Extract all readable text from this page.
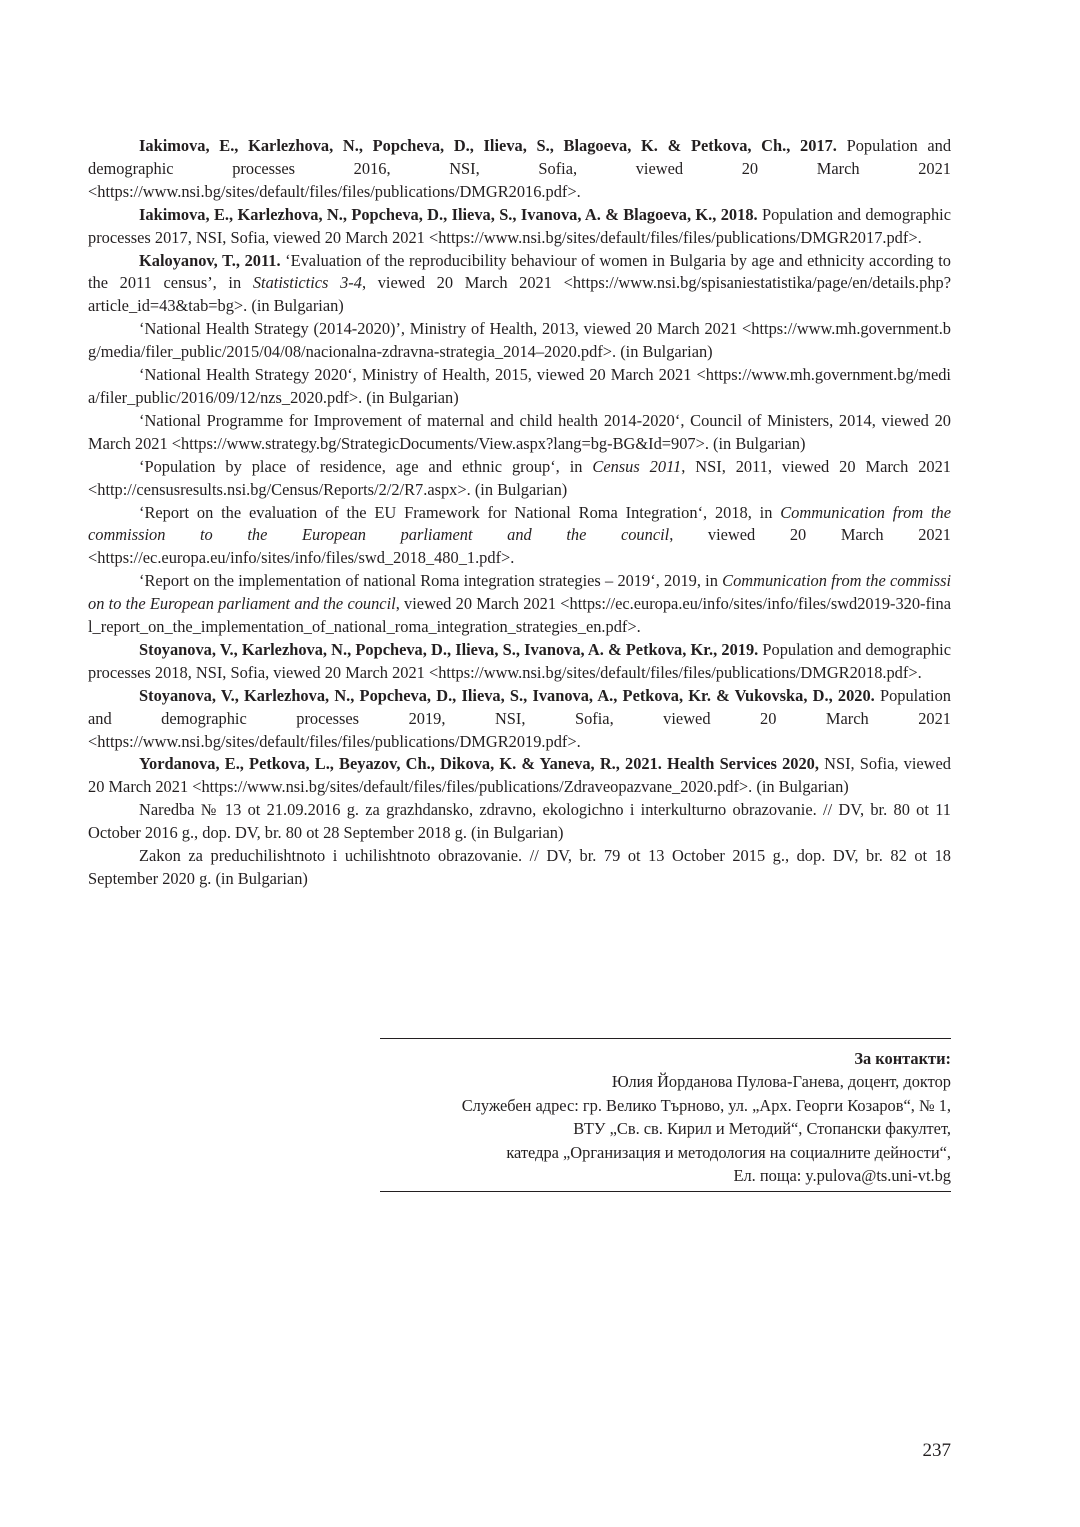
Iakimova, E., Karlezhova, N., Popcheva, D., Ilieva, S., Blagoeva, K. & Petkova, Ch., 2017. Population and demographic processes 2016, NSI, Sofia, viewed 20 March 2021 <https://www.nsi.bg/sites/default/files/files/publications/DMGR2016.pdf>.

Iakimova, E., Karlezhova, N., Popcheva, D., Ilieva, S., Ivanova, A. & Blagoeva, K., 2018. Population and demographic processes 2017, NSI, Sofia, viewed 20 March 2021 <https://www.nsi.bg/sites/default/files/files/publications/DMGR2017.pdf>.

Kaloyanov, T., 2011. ‘Evaluation of the reproducibility behaviour of women in Bulgaria by age and ethnicity according to the 2011 census’, in Statistictics 3-4, viewed 20 March 2021 <https://www.nsi.bg/spisaniestatistika/page/en/details.php?article_id=43&tab=bg>. (in Bulgarian)

‘National Health Strategy (2014-2020)’, Ministry of Health, 2013, viewed 20 March 2021 <https://www.mh.government.bg/media/filer_public/2015/04/08/nacionalna-zdravna-strategia_2014–2020.pdf>. (in Bulgarian)

‘National Health Strategy 2020‘, Ministry of Health, 2015, viewed 20 March 2021 <https://www.mh.government.bg/media/filer_public/2016/09/12/nzs_2020.pdf>. (in Bulgarian)

‘National Programme for Improvement of maternal and child health 2014-2020‘, Council of Ministers, 2014, viewed 20 March 2021 <https://www.strategy.bg/StrategicDocuments/View.aspx?lang=bg-BG&Id=907>. (in Bulgarian)

‘Population by place of residence, age and ethnic group‘, in Census 2011, NSI, 2011, viewed 20 March 2021 <http://censusresults.nsi.bg/Census/Reports/2/2/R7.aspx>. (in Bulgarian)

‘Report on the evaluation of the EU Framework for National Roma Integration‘, 2018, in Communication from the commission to the European parliament and the council, viewed 20 March 2021 <https://ec.europa.eu/info/sites/info/files/swd_2018_480_1.pdf>.

‘Report on the implementation of national Roma integration strategies – 2019‘, 2019, in Communication from the commission to the European parliament and the council, viewed 20 March 2021 <https://ec.europa.eu/info/sites/info/files/swd2019-320-final_report_on_the_implementation_of_national_roma_integration_strategies_en.pdf>.

Stoyanova, V., Karlezhova, N., Popcheva, D., Ilieva, S., Ivanova, A. & Petkova, Kr., 2019. Population and demographic processes 2018, NSI, Sofia, viewed 20 March 2021 <https://www.nsi.bg/sites/default/files/files/publications/DMGR2018.pdf>.

Stoyanova, V., Karlezhova, N., Popcheva, D., Ilieva, S., Ivanova, A., Petkova, Kr. & Vukovska, D., 2020. Population and demographic processes 2019, NSI, Sofia, viewed 20 March 2021 <https://www.nsi.bg/sites/default/files/files/publications/DMGR2019.pdf>.

Yordanova, E., Petkova, L., Beyazov, Ch., Dikova, K. & Yaneva, R., 2021. Health Services 2020, NSI, Sofia, viewed 20 March 2021 <https://www.nsi.bg/sites/default/files/files/publications/Zdraveopazvane_2020.pdf>. (in Bulgarian)

Naredba № 13 ot 21.09.2016 g. za grazhdansko, zdravno, ekologichno i interkulturno obrazovanie. // DV, br. 80 ot 11 October 2016 g., dop. DV, br. 80 ot 28 September 2018 g. (in Bulgarian)

Zakon za preduchilishtnoto i uchilishtnoto obrazovanie. // DV, br. 79 ot 13 October 2015 g., dop. DV, br. 82 ot 18 September 2020 g. (in Bulgarian)

За контакти:
Юлия Йорданова Пулова-Ганева, доцент, доктор
Служебен адрес: гр. Велико Търново, ул. „Арх. Георги Козаров“, № 1,
ВТУ „Св. св. Кирил и Методий“, Стопански факултет,
катедра „Организация и методология на социалните дейности“,
Ел. поща: y.pulova@ts.uni-vt.bg
237
